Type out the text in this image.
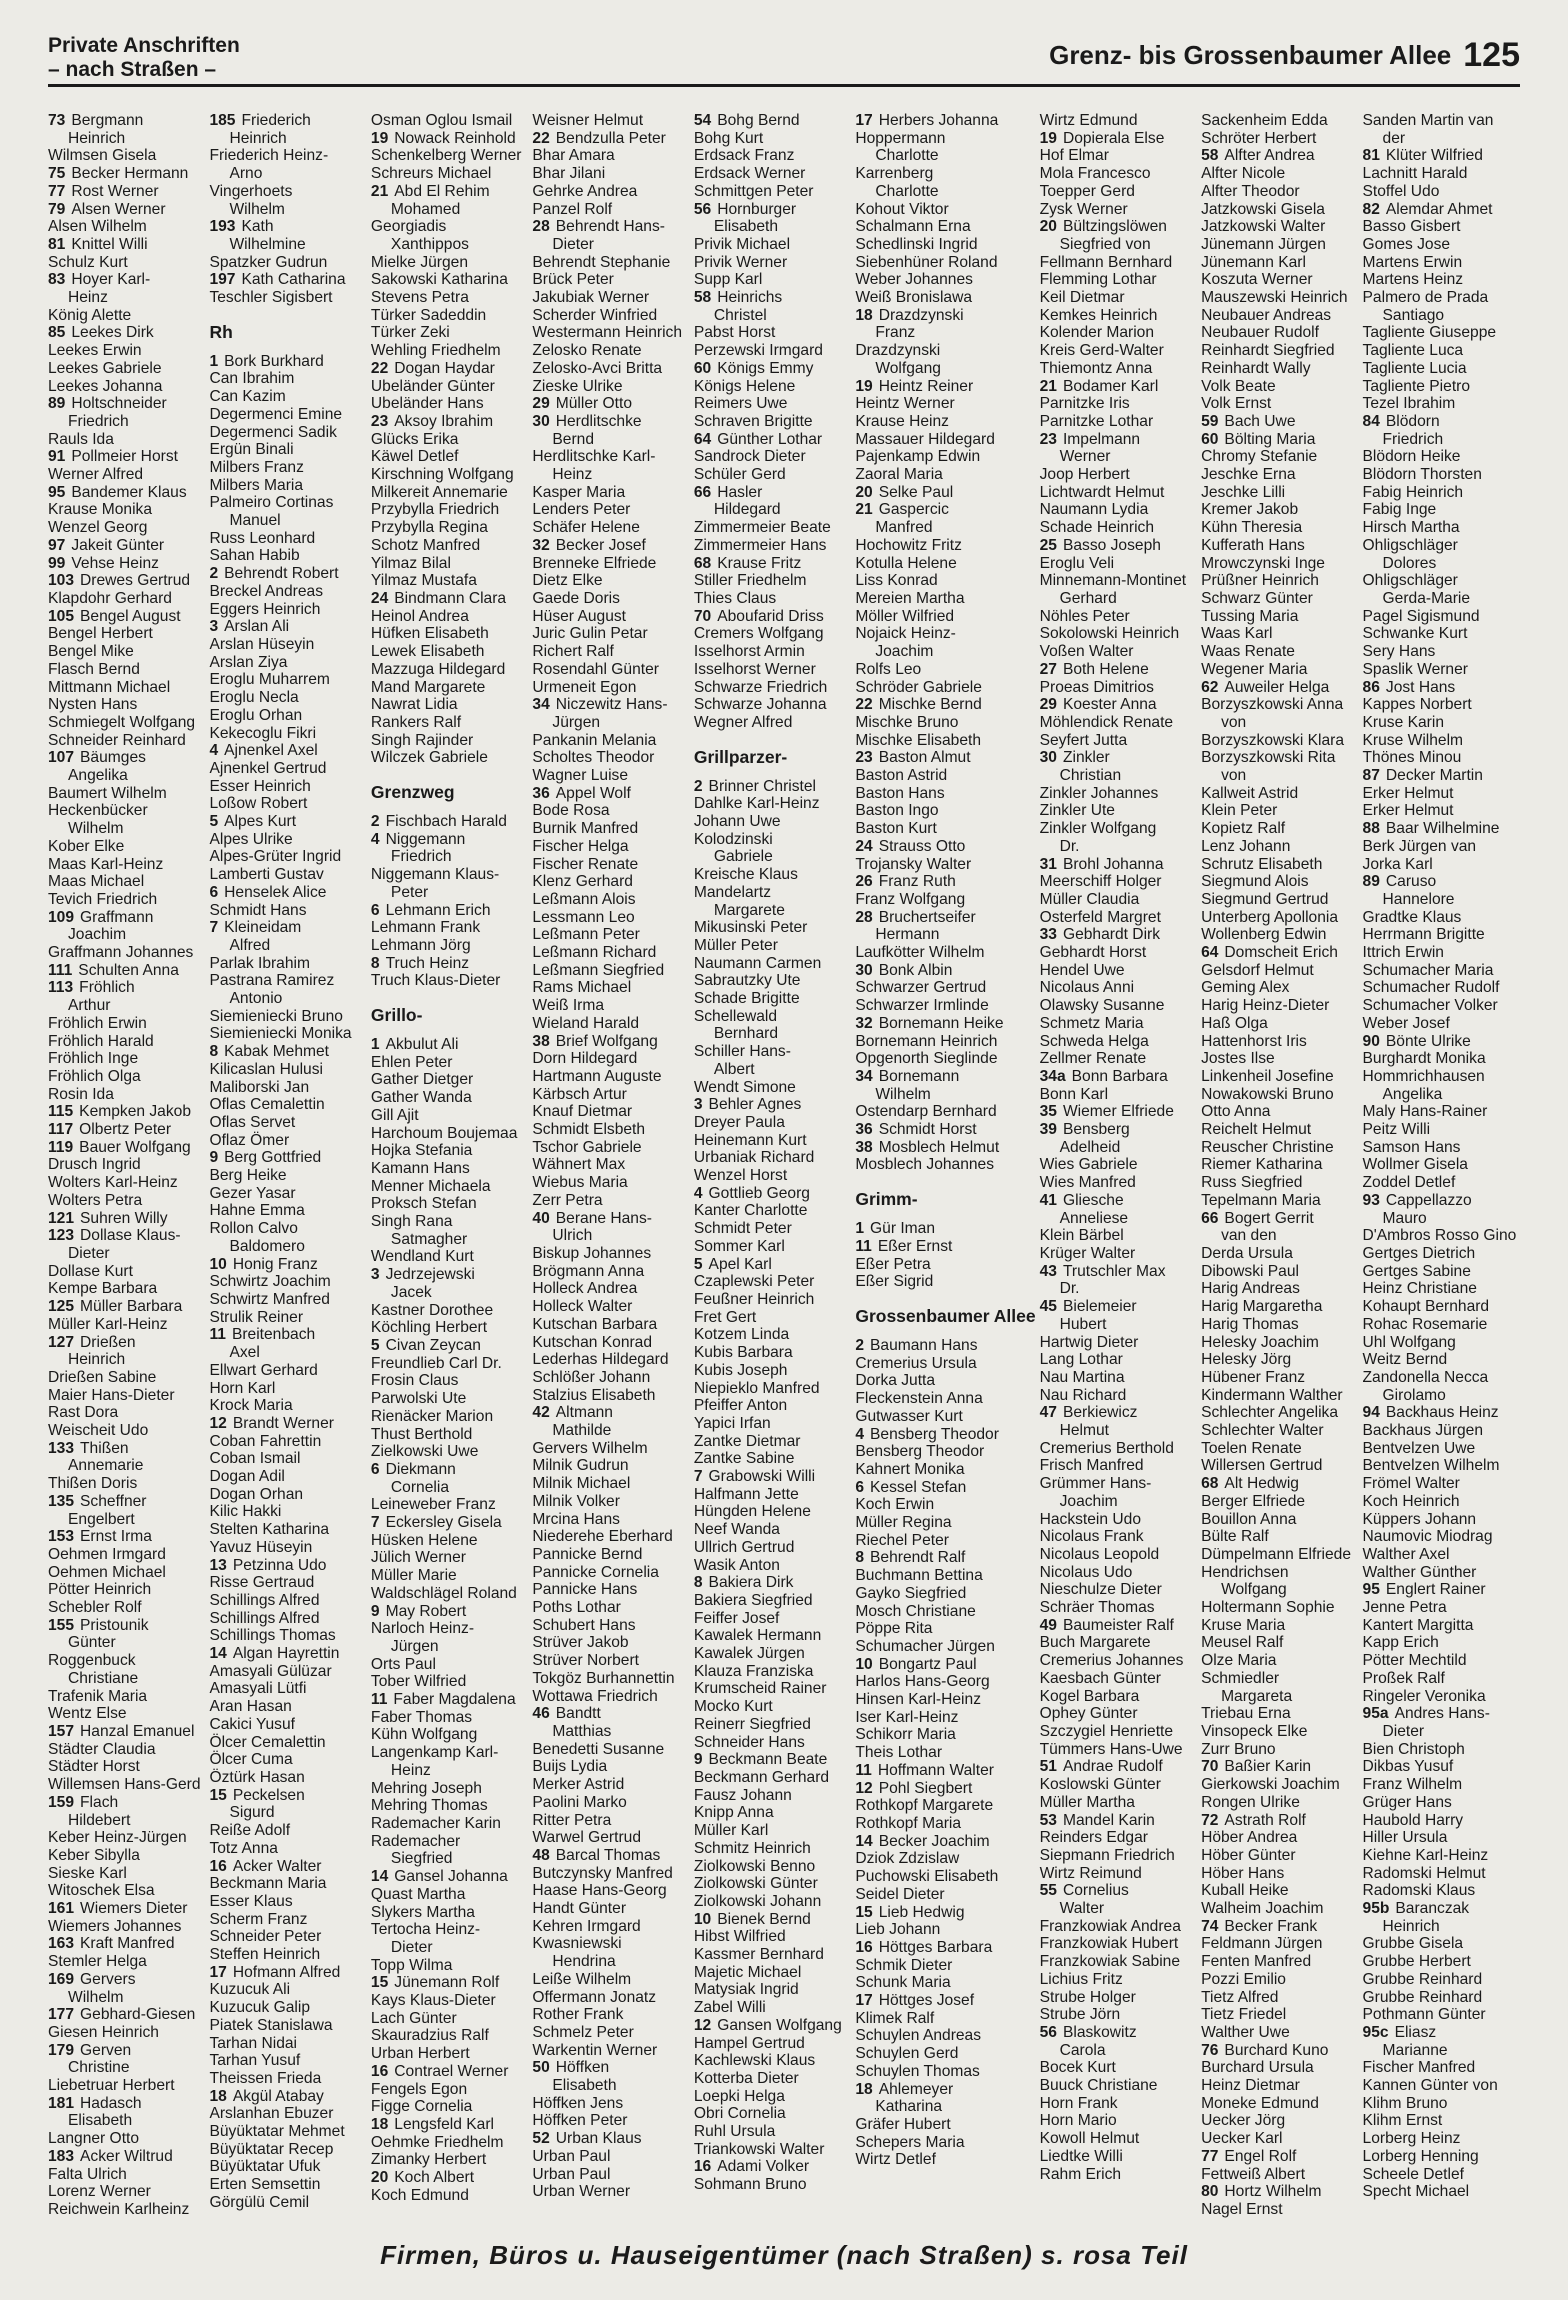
Private Anschriften
– nach Straßen –	Grenz- bis Grossenbaumer Allee 125
73 Bergmann
Heinrich
Wilmsen Gisela
75 Becker Hermann
77 Rost Werner
79 Alsen Werner
Alsen Wilhelm
81 Knittel Willi
Schulz Kurt
83 Hoyer Karl-
Heinz
König Alette
85 Leekes Dirk
Leekes Erwin
Leekes Gabriele
Leekes Johanna
89 Holtschneider
Friedrich
Rauls Ida
91 Pollmeier Horst
Werner Alfred
95 Bandemer Klaus
Krause Monika
Wenzel Georg
97 Jakeit Günter
99 Vehse Heinz
103 Drewes Gertrud
Klapdohr Gerhard
105 Bengel August
Bengel Herbert
Bengel Mike
Flasch Bernd
Mittmann Michael
Nysten Hans
Schmiegelt Wolfgang
Schneider Reinhard
107 Bäumges
Angelika
Baumert Wilhelm
Heckenbücker
Wilhelm
Kober Elke
Maas Karl-Heinz
Maas Michael
Tevich Friedrich
109 Graffmann
Joachim
Graffmann Johannes
111 Schulten Anna
113 Fröhlich
Arthur
Fröhlich Erwin
Fröhlich Harald
Fröhlich Inge
Fröhlich Olga
Rosin Ida
115 Kempken Jakob
117 Olbertz Peter
119 Bauer Wolfgang
Drusch Ingrid
Wolters Karl-Heinz
Wolters Petra
121 Suhren Willy
123 Dollase Klaus-
Dieter
Dollase Kurt
Kempe Barbara
125 Müller Barbara
Müller Karl-Heinz
127 Drießen
Heinrich
Drießen Sabine
Maier Hans-Dieter
Rast Dora
Weischeit Udo
133 Thißen
Annemarie
Thißen Doris
135 Scheffner
Engelbert
153 Ernst Irma
Oehmen Irmgard
Oehmen Michael
Pötter Heinrich
Schebler Rolf
155 Pristounik
Günter
Roggenbuck
Christiane
Trafenik Maria
Wentz Else
157 Hanzal Emanuel
Städter Claudia
Städter Horst
Willemsen Hans-Gerd
159 Flach
Hildebert
Keber Heinz-Jürgen
Keber Sibylla
Sieske Karl
Witoschek Elsa
161 Wiemers Dieter
Wiemers Johannes
163 Kraft Manfred
Stemler Helga
169 Gervers
Wilhelm
177 Gebhard-Giesen
Giesen Heinrich
179 Gerven
Christine
Liebetruar Herbert
181 Hadasch
Elisabeth
Langner Otto
183 Acker Wiltrud
Falta Ulrich
Lorenz Werner
Reichwein Karlheinz
185 Friederich
Heinrich
Friederich Heinz-
Arno
Vingerhoets
Wilhelm
193 Kath
Wilhelmine
Spatzker Gudrun
197 Kath Catharina
Teschler Sigisbert
Rh
1 Bork Burkhard
Can Ibrahim
Can Kazim
Degermenci Emine
Degermenci Sadik
Ergün Binali
Milbers Franz
Milbers Maria
Palmeiro Cortinas
Manuel
Russ Leonhard
Sahan Habib
2 Behrendt Robert
Breckel Andreas
Eggers Heinrich
3 Arslan Ali
Arslan Hüseyin
Arslan Ziya
Eroglu Muharrem
Eroglu Necla
Eroglu Orhan
Kekecoglu Fikri
4 Ajnenkel Axel
Ajnenkel Gertrud
Esser Heinrich
Loßow Robert
5 Alpes Kurt
Alpes Ulrike
Alpes-Grüter Ingrid
Lamberti Gustav
6 Henselek Alice
Schmidt Hans
7 Kleineidam
Alfred
Parlak Ibrahim
Pastrana Ramirez
Antonio
Siemieniecki Bruno
Siemieniecki Monika
8 Kabak Mehmet
Kilicaslan Hulusi
Maliborski Jan
Oflas Cemalettin
Oflas Servet
Oflaz Ömer
9 Berg Gottfried
Berg Heike
Gezer Yasar
Hahne Emma
Rollon Calvo
Baldomero
10 Honig Franz
Schwirtz Joachim
Schwirtz Manfred
Strulik Reiner
11 Breitenbach
Axel
Ellwart Gerhard
Horn Karl
Krock Maria
12 Brandt Werner
Coban Fahrettin
Coban Ismail
Dogan Adil
Dogan Orhan
Kilic Hakki
Stelten Katharina
Yavuz Hüseyin
13 Petzinna Udo
Risse Gertraud
Schillings Alfred
Schillings Alfred
Schillings Thomas
14 Algan Hayrettin
Amasyali Gülüzar
Amasyali Lütfi
Aran Hasan
Cakici Yusuf
Ölcer Cemalettin
Ölcer Cuma
Öztürk Hasan
15 Peckelsen
Sigurd
Reiße Adolf
Totz Anna
16 Acker Walter
Beckmann Maria
Esser Klaus
Scherm Franz
Schneider Peter
Steffen Heinrich
17 Hofmann Alfred
Kuzucuk Ali
Kuzucuk Galip
Piatek Stanislawa
Tarhan Nidai
Tarhan Yusuf
Theissen Frieda
18 Akgül Atabay
Arslanhan Ebuzer
Büyüktatar Mehmet
Büyüktatar Recep
Büyüktatar Ufuk
Erten Semsettin
Görgülü Cemil
Osman Oglou Ismail
19 Nowack Reinhold
Schenkelberg Werner
Schreurs Michael
21 Abd El Rehim
Mohamed
Georgiadis
Xanthippos
Mielke Jürgen
Sakowski Katharina
Stevens Petra
Türker Sadeddin
Türker Zeki
Wehling Friedhelm
22 Dogan Haydar
Ubeländer Günter
Ubeländer Hans
23 Aksoy Ibrahim
Glücks Erika
Käwel Detlef
Kirschning Wolfgang
Milkereit Annemarie
Przybylla Friedrich
Przybylla Regina
Schotz Manfred
Yilmaz Bilal
Yilmaz Mustafa
24 Bindmann Clara
Heinol Andrea
Hüfken Elisabeth
Lewek Elisabeth
Mazzuga Hildegard
Mand Margarete
Nawrat Lidia
Rankers Ralf
Singh Rajinder
Wilczek Gabriele
Grenzweg
2 Fischbach Harald
4 Niggemann
Friedrich
Niggemann Klaus-
Peter
6 Lehmann Erich
Lehmann Frank
Lehmann Jörg
8 Truch Heinz
Truch Klaus-Dieter
Grillo-
1 Akbulut Ali
Ehlen Peter
Gather Dietger
Gather Wanda
Gill Ajit
Harchoum Boujemaa
Hojka Stefania
Kamann Hans
Menner Michaela
Proksch Stefan
Singh Rana
Satmagher
Wendland Kurt
3 Jedrzejewski
Jacek
Kastner Dorothee
Köchling Herbert
5 Civan Zeycan
Freundlieb Carl Dr.
Frosin Claus
Parwolski Ute
Rienäcker Marion
Thust Berthold
Zielkowski Uwe
6 Diekmann
Cornelia
Leineweber Franz
7 Eckersley Gisela
Hüsken Helene
Jülich Werner
Müller Marie
Waldschlägel Roland
9 May Robert
Narloch Heinz-
Jürgen
Orts Paul
Tober Wilfried
11 Faber Magdalena
Faber Thomas
Kühn Wolfgang
Langenkamp Karl-
Heinz
Mehring Joseph
Mehring Thomas
Rademacher Karin
Rademacher
Siegfried
14 Gansel Johanna
Quast Martha
Slykers Martha
Tertocha Heinz-
Dieter
Topp Wilma
15 Jünemann Rolf
Kays Klaus-Dieter
Lach Günter
Skauradzius Ralf
Urban Herbert
16 Contrael Werner
Fengels Egon
Figge Cornelia
18 Lengsfeld Karl
Oehmke Friedhelm
Zimanky Herbert
20 Koch Albert
Koch Edmund
Weisner Helmut
22 Bendzulla Peter
Bhar Amara
Bhar Jilani
Gehrke Andrea
Panzel Rolf
28 Behrendt Hans-
Dieter
Behrendt Stephanie
Brück Peter
Jakubiak Werner
Scherder Winfried
Westermann Heinrich
Zelosko Renate
Zelosko-Avci Britta
Zieske Ulrike
29 Müller Otto
30 Herdlitschke
Bernd
Herdlitschke Karl-
Heinz
Kasper Maria
Lenders Peter
Schäfer Helene
32 Becker Josef
Brenneke Elfriede
Dietz Elke
Gaede Doris
Hüser August
Juric Gulin Petar
Richert Ralf
Rosendahl Günter
Urmeneit Egon
34 Niczewitz Hans-
Jürgen
Pankanin Melania
Scholtes Theodor
Wagner Luise
36 Appel Wolf
Bode Rosa
Burnik Manfred
Fischer Helga
Fischer Renate
Klenz Gerhard
Leßmann Alois
Lessmann Leo
Leßmann Peter
Leßmann Richard
Leßmann Siegfried
Rams Michael
Weiß Irma
Wieland Harald
38 Brief Wolfgang
Dorn Hildegard
Hartmann Auguste
Kärbsch Artur
Knauf Dietmar
Schmidt Elsbeth
Tschor Gabriele
Wähnert Max
Wiebus Maria
Zerr Petra
40 Berane Hans-
Ulrich
Biskup Johannes
Brögmann Anna
Holleck Andrea
Holleck Walter
Kutschan Barbara
Kutschan Konrad
Lederhas Hildegard
Schlößer Johann
Stalzius Elisabeth
42 Altmann
Mathilde
Gervers Wilhelm
Milnik Gudrun
Milnik Michael
Milnik Volker
Mrcina Hans
Niederehe Eberhard
Pannicke Bernd
Pannicke Cornelia
Pannicke Hans
Poths Lothar
Schubert Hans
Strüver Jakob
Strüver Norbert
Tokgöz Burhannettin
Wottawa Friedrich
46 Bandtt
Matthias
Benedetti Susanne
Buijs Lydia
Merker Astrid
Paolini Marko
Ritter Petra
Warwel Gertrud
48 Barcal Thomas
Butczynsky Manfred
Haase Hans-Georg
Handt Günter
Kehren Irmgard
Kwasniewski
Hendrina
Leiße Wilhelm
Offermann Jonatz
Rother Frank
Schmelz Peter
Warkentin Werner
50 Höffken
Elisabeth
Höffken Jens
Höffken Peter
52 Urban Klaus
Urban Paul
Urban Paul
Urban Werner
54 Bohg Bernd
Bohg Kurt
Erdsack Franz
Erdsack Werner
Schmittgen Peter
56 Hornburger
Elisabeth
Privik Michael
Privik Werner
Supp Karl
58 Heinrichs
Christel
Pabst Horst
Perzewski Irmgard
60 Königs Emmy
Königs Helene
Reimers Uwe
Schraven Brigitte
64 Günther Lothar
Sandrock Dieter
Schüler Gerd
66 Hasler
Hildegard
Zimmermeier Beate
Zimmermeier Hans
68 Krause Fritz
Stiller Friedhelm
Thies Claus
70 Aboufarid Driss
Cremers Wolfgang
Isselhorst Armin
Isselhorst Werner
Schwarze Friedrich
Schwarze Johanna
Wegner Alfred
Grillparzer-
2 Brinner Christel
Dahlke Karl-Heinz
Johann Uwe
Kolodzinski
Gabriele
Kreische Klaus
Mandelartz
Margarete
Mikusinski Peter
Müller Peter
Naumann Carmen
Sabrautzky Ute
Schade Brigitte
Schellewald
Bernhard
Schiller Hans-
Albert
Wendt Simone
3 Behler Agnes
Dreyer Paula
Heinemann Kurt
Urbaniak Richard
Wenzel Horst
4 Gottlieb Georg
Kanter Charlotte
Schmidt Peter
Sommer Karl
5 Apel Karl
Czaplewski Peter
Feußner Heinrich
Fret Gert
Kotzem Linda
Kubis Barbara
Kubis Joseph
Niepieklo Manfred
Pfeiffer Anton
Yapici Irfan
Zantke Dietmar
Zantke Sabine
7 Grabowski Willi
Halfmann Jette
Hüngden Helene
Neef Wanda
Ullrich Gertrud
Wasik Anton
8 Bakiera Dirk
Bakiera Siegfried
Feiffer Josef
Kawalek Hermann
Kawalek Jürgen
Klauza Franziska
Krumscheid Rainer
Mocko Kurt
Reinerr Siegfried
Schneider Hans
9 Beckmann Beate
Beckmann Gerhard
Fausz Johann
Knipp Anna
Müller Karl
Schmitz Heinrich
Ziolkowski Benno
Ziolkowski Günter
Ziolkowski Johann
10 Bienek Bernd
Hibst Wilfried
Kassmer Bernhard
Majetic Michael
Matysiak Ingrid
Zabel Willi
12 Gansen Wolfgang
Hampel Gertrud
Kachlewski Klaus
Kotterba Dieter
Loepki Helga
Obri Cornelia
Ruhl Ursula
Triankowski Walter
16 Adami Volker
Sohmann Bruno
17 Herbers Johanna
Hoppermann
Charlotte
Karrenberg
Charlotte
Kohout Viktor
Schalmann Erna
Schedlinski Ingrid
Siebenhüner Roland
Weber Johannes
Weiß Bronislawa
18 Drazdzynski
Franz
Drazdzynski
Wolfgang
19 Heintz Reiner
Heintz Werner
Krause Heinz
Massauer Hildegard
Pajenkamp Edwin
Zaoral Maria
20 Selke Paul
21 Gaspercic
Manfred
Hochowitz Fritz
Kotulla Helene
Liss Konrad
Mereien Martha
Möller Wilfried
Nojaick Heinz-
Joachim
Rolfs Leo
Schröder Gabriele
22 Mischke Bernd
Mischke Bruno
Mischke Elisabeth
23 Baston Almut
Baston Astrid
Baston Hans
Baston Ingo
Baston Kurt
24 Strauss Otto
Trojansky Walter
26 Franz Ruth
Franz Wolfgang
28 Bruchertseifer
Hermann
Laufkötter Wilhelm
30 Bonk Albin
Schwarzer Gertrud
Schwarzer Irmlinde
32 Bornemann Heike
Bornemann Heinrich
Opgenorth Sieglinde
34 Bornemann
Wilhelm
Ostendarp Bernhard
36 Schmidt Horst
38 Mosblech Helmut
Mosblech Johannes
Grimm-
1 Gür Iman
11 Eßer Ernst
Eßer Petra
Eßer Sigrid
Grossenbaumer Allee
2 Baumann Hans
Cremerius Ursula
Dorka Jutta
Fleckenstein Anna
Gutwasser Kurt
4 Bensberg Theodor
Bensberg Theodor
Kahnert Monika
6 Kessel Stefan
Koch Erwin
Müller Regina
Riechel Peter
8 Behrendt Ralf
Buchmann Bettina
Gayko Siegfried
Mosch Christiane
Pöppe Rita
Schumacher Jürgen
10 Bongartz Paul
Harlos Hans-Georg
Hinsen Karl-Heinz
Iser Karl-Heinz
Schikorr Maria
Theis Lothar
11 Hoffmann Walter
12 Pohl Siegbert
Rothkopf Margarete
Rothkopf Maria
14 Becker Joachim
Dziok Zdzislaw
Puchowski Elisabeth
Seidel Dieter
15 Lieb Hedwig
Lieb Johann
16 Höttges Barbara
Schmik Dieter
Schunk Maria
17 Höttges Josef
Klimek Ralf
Schuylen Andreas
Schuylen Gerd
Schuylen Thomas
18 Ahlemeyer
Katharina
Gräfer Hubert
Schepers Maria
Wirtz Detlef
Wirtz Edmund
19 Dopierala Else
Hof Elmar
Mola Francesco
Toepper Gerd
Zysk Werner
20 Bültzingslöwen
Siegfried von
Fellmann Bernhard
Flemming Lothar
Keil Dietmar
Kemkes Heinrich
Kolender Marion
Kreis Gerd-Walter
Thiemontz Anna
21 Bodamer Karl
Parnitzke Iris
Parnitzke Lothar
23 Impelmann
Werner
Joop Herbert
Lichtwardt Helmut
Naumann Lydia
Schade Heinrich
25 Basso Joseph
Eroglu Veli
Minnemann-Montinet
Gerhard
Nöhles Peter
Sokolowski Heinrich
Voßen Walter
27 Both Helene
Proeas Dimitrios
29 Koester Anna
Möhlendick Renate
Seyfert Jutta
30 Zinkler
Christian
Zinkler Johannes
Zinkler Ute
Zinkler Wolfgang
Dr.
31 Brohl Johanna
Meerschiff Holger
Müller Claudia
Osterfeld Margret
33 Gebhardt Dirk
Gebhardt Horst
Hendel Uwe
Nicolaus Anni
Olawsky Susanne
Schmetz Maria
Schweda Helga
Zellmer Renate
34a Bonn Barbara
Bonn Karl
35 Wiemer Elfriede
39 Bensberg
Adelheid
Wies Gabriele
Wies Manfred
41 Gliesche
Anneliese
Klein Bärbel
Krüger Walter
43 Trutschler Max
Dr.
45 Bielemeier
Hubert
Hartwig Dieter
Lang Lothar
Nau Martina
Nau Richard
47 Berkiewicz
Helmut
Cremerius Berthold
Frisch Manfred
Grümmer Hans-
Joachim
Hackstein Udo
Nicolaus Frank
Nicolaus Leopold
Nicolaus Udo
Nieschulze Dieter
Schräer Thomas
49 Baumeister Ralf
Buch Margarete
Cremerius Johannes
Kaesbach Günter
Kogel Barbara
Ophey Günter
Szczygiel Henriette
Tümmers Hans-Uwe
51 Andrae Rudolf
Koslowski Günter
Müller Martha
53 Mandel Karin
Reinders Edgar
Siepmann Friedrich
Wirtz Reimund
55 Cornelius
Walter
Franzkowiak Andrea
Franzkowiak Hubert
Franzkowiak Sabine
Lichius Fritz
Strube Holger
Strube Jörn
56 Blaskowitz
Carola
Bocek Kurt
Buuck Christiane
Horn Frank
Horn Mario
Kowoll Helmut
Liedtke Willi
Rahm Erich
Sackenheim Edda
Schröter Herbert
58 Alfter Andrea
Alfter Nicole
Alfter Theodor
Jatzkowski Gisela
Jatzkowski Walter
Jünemann Jürgen
Jünemann Karl
Koszuta Werner
Mauszewski Heinrich
Neubauer Andreas
Neubauer Rudolf
Reinhardt Siegfried
Reinhardt Wally
Volk Beate
Volk Ernst
59 Bach Uwe
60 Bölting Maria
Chromy Stefanie
Jeschke Erna
Jeschke Lilli
Kremer Jakob
Kühn Theresia
Kufferath Hans
Mrowczynski Inge
Prüßner Heinrich
Schwarz Günter
Tussing Maria
Waas Karl
Waas Renate
Wegener Maria
62 Auweiler Helga
Borzyszkowski Anna
von
Borzyszkowski Klara
Borzyszkowski Rita
von
Kallweit Astrid
Klein Peter
Kopietz Ralf
Lenz Johann
Schrutz Elisabeth
Siegmund Alois
Siegmund Gertrud
Unterberg Apollonia
Wollenberg Edwin
64 Domscheit Erich
Gelsdorf Helmut
Geming Alex
Harig Heinz-Dieter
Haß Olga
Hattenhorst Iris
Jostes Ilse
Linkenheil Josefine
Nowakowski Bruno
Otto Anna
Reichelt Helmut
Reuscher Christine
Riemer Katharina
Russ Siegfried
Tepelmann Maria
66 Bogert Gerrit
van den
Derda Ursula
Dibowski Paul
Harig Andreas
Harig Margaretha
Harig Thomas
Helesky Joachim
Helesky Jörg
Hübener Franz
Kindermann Walther
Schlechter Angelika
Schlechter Walter
Toelen Renate
Willersen Gertrud
68 Alt Hedwig
Berger Elfriede
Bouillon Anna
Bülte Ralf
Dümpelmann Elfriede
Hendrichsen
Wolfgang
Holtermann Sophie
Kruse Maria
Meusel Ralf
Olze Maria
Schmiedler
Margareta
Triebau Erna
Vinsopeck Elke
Zurr Bruno
70 Baßier Karin
Gierkowski Joachim
Rongen Ulrike
72 Astrath Rolf
Höber Andrea
Höber Günter
Höber Hans
Kuball Heike
Walheim Joachim
74 Becker Frank
Feldmann Jürgen
Fenten Manfred
Pozzi Emilio
Tietz Alfred
Tietz Friedel
Walther Uwe
76 Burchard Kuno
Burchard Ursula
Heinz Dietmar
Moneke Edmund
Uecker Jörg
Uecker Karl
77 Engel Rolf
Fettweiß Albert
80 Hortz Wilhelm
Nagel Ernst
Sanden Martin van
der
81 Klüter Wilfried
Lachnitt Harald
Stoffel Udo
82 Alemdar Ahmet
Basso Gisbert
Gomes Jose
Martens Erwin
Martens Heinz
Palmero de Prada
Santiago
Tagliente Giuseppe
Tagliente Luca
Tagliente Lucia
Tagliente Pietro
Tezel Ibrahim
84 Blödorn
Friedrich
Blödorn Heike
Blödorn Thorsten
Fabig Heinrich
Fabig Inge
Hirsch Martha
Ohligschläger
Dolores
Ohligschläger
Gerda-Marie
Pagel Sigismund
Schwanke Kurt
Sery Hans
Spaslik Werner
86 Jost Hans
Kappes Norbert
Kruse Karin
Kruse Wilhelm
Thönes Minou
87 Decker Martin
Erker Helmut
Erker Helmut
88 Baar Wilhelmine
Berk Jürgen van
Jorka Karl
89 Caruso
Hannelore
Gradtke Klaus
Herrmann Brigitte
Ittrich Erwin
Schumacher Maria
Schumacher Rudolf
Schumacher Volker
Weber Josef
90 Bönte Ulrike
Burghardt Monika
Hommrichhausen
Angelika
Maly Hans-Rainer
Peitz Willi
Samson Hans
Wollmer Gisela
Zoddel Detlef
93 Cappellazzo
Mauro
D'Ambros Rosso Gino
Gertges Dietrich
Gertges Sabine
Heinz Christiane
Kohaupt Bernhard
Rohac Rosemarie
Uhl Wolfgang
Weitz Bernd
Zandonella Necca
Girolamo
94 Backhaus Heinz
Backhaus Jürgen
Bentvelzen Uwe
Bentvelzen Wilhelm
Frömel Walter
Koch Heinrich
Küppers Johann
Naumovic Miodrag
Walther Axel
Walther Günther
95 Englert Rainer
Jenne Petra
Kantert Margitta
Kapp Erich
Pötter Mechtild
Proßek Ralf
Ringeler Veronika
95a Andres Hans-
Dieter
Bien Christoph
Dikbas Yusuf
Franz Wilhelm
Grüger Hans
Haubold Harry
Hiller Ursula
Kiehne Karl-Heinz
Radomski Helmut
Radomski Klaus
95b Baranczak
Heinrich
Grubbe Gisela
Grubbe Herbert
Grubbe Reinhard
Grubbe Reinhard
Pothmann Günter
95c Eliasz
Marianne
Fischer Manfred
Kannen Günter von
Klihm Bruno
Klihm Ernst
Lorberg Heinz
Lorberg Henning
Scheele Detlef
Specht Michael
Firmen, Büros u. Hauseigentümer (nach Straßen) s. rosa Teil
